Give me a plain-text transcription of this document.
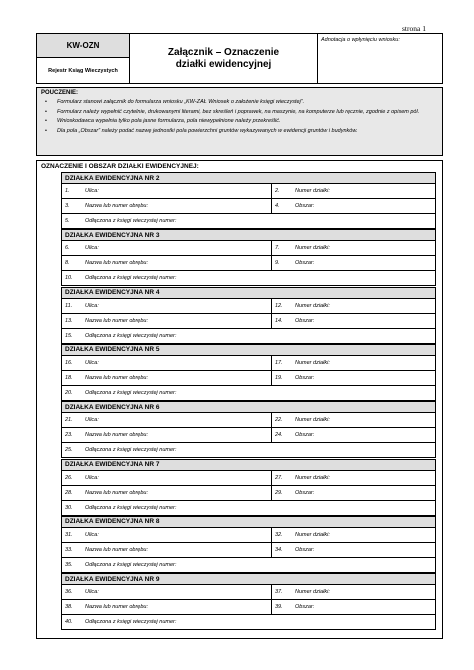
strona 1
KW-OZN
Rejestr Ksiąg Wieczystych
Załącznik – Oznaczenie działki ewidencyjnej
Adnotacja o wpłynięciu wniosku:
POUCZENIE:
• Formularz stanowi załącznik do formularza wniosku „KW-ZAŁ Wniosek o założenie księgi wieczystej”.
• Formularz należy wypełnić czytelnie, drukowanymi literami, bez skreśleń i poprawek, na maszynie, na komputerze lub ręcznie, zgodnie z opisem pól.
• Wnioskodawca wypełnia tylko pola jasne formularza, pola niewypełnione należy przekreślić.
• Dla pola „Obszar” należy podać nazwę jednostki pola powierzchni gruntów wykazywanych w ewidencji gruntów i budynków.
OZNACZENIE I OBSZAR DZIAŁKI EWIDENCYJNEJ:
DZIAŁKA EWIDENCYJNA NR 2
1.	Ulica:	2.	Numer działki:
3.	Nazwa lub numer obrębu:	4.	Obszar:
5.	Odłączona z księgi wieczystej numer:
DZIAŁKA EWIDENCYJNA NR 3
6.	Ulica:	7.	Numer działki:
8.	Nazwa lub numer obrębu:	9.	Obszar:
10.	Odłączona z księgi wieczystej numer:
DZIAŁKA EWIDENCYJNA NR 4
11.	Ulica:	12.	Numer działki:
13.	Nazwa lub numer obrębu:	14.	Obszar:
15.	Odłączona z księgi wieczystej numer:
DZIAŁKA EWIDENCYJNA NR 5
16.	Ulica:	17.	Numer działki:
18.	Nazwa lub numer obrębu:	19.	Obszar:
20.	Odłączona z księgi wieczystej numer:
DZIAŁKA EWIDENCYJNA NR 6
21.	Ulica:	22.	Numer działki:
23.	Nazwa lub numer obrębu:	24.	Obszar:
25.	Odłączona z księgi wieczystej numer:
DZIAŁKA EWIDENCYJNA NR 7
26.	Ulica:	27.	Numer działki:
28.	Nazwa lub numer obrębu:	29.	Obszar:
30.	Odłączona z księgi wieczystej numer:
DZIAŁKA EWIDENCYJNA NR 8
31.	Ulica:	32.	Numer działki:
33.	Nazwa lub numer obrębu:	34.	Obszar:
35.	Odłączona z księgi wieczystej numer:
DZIAŁKA EWIDENCYJNA NR 9
36.	Ulica:	37.	Numer działki:
38.	Nazwa lub numer obrębu:	39.	Obszar:
40.	Odłączona z księgi wieczystej numer:
